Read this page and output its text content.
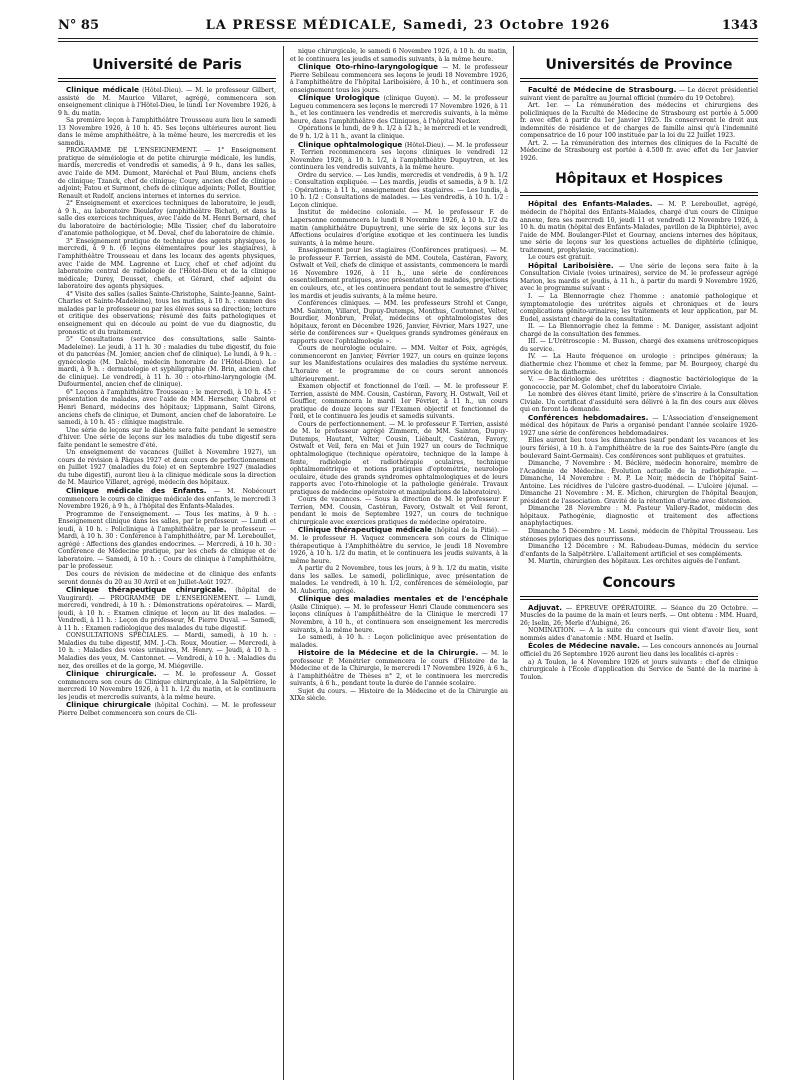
N° 85	LA PRESSE MÉDICALE, Samedi, 23 Octobre 1926	1343
Université de Paris

Clinique médicale (Hôtel-Dieu). — M. le professeur Gilbert, assisté de M. Maurice Villaret, agrégé, commencera son enseignement clinique à l'Hôtel-Dieu, le lundi 1er Novembre 1926, à 9 h. du matin.

Sa première leçon à l'amphithéâtre Trousseau aura lieu le samedi 13 Novembre 1926, à 10 h. 45. Ses leçons ultérieures auront lieu dans le même amphithéâtre, à la même heure, les mercredis et les samedis.

PROGRAMME DE L'ENSEIGNEMENT. — 1° Enseignement pratique de séméiologie et de petite chirurgie médicale, les lundis, mardis, mercredis et vendredis et samedis, à 9 h., dans les salles, avec l'aide de MM. Dumont, Maréchal et Paul Blum, anciens chefs de clinique; Tzanck, chef de clinique; Coury, ancien chef de clinique adjoint; Fatou et Surmont, chefs de clinique adjoints; Pollet, Bouttier, Renault et Rudolf, anciens internes et internes du service.

2° Enseignement et exercices techniques de laboratoire, le jeudi, à 9 h., au laboratoire Dieulafoy (amphithéâtre Bichat), et dans la salle des exercices techniques, avec l'aide de M. Henri Bernard, chef du laboratoire de bactériologie; Mlle Tissier, chef du laboratoire d'anatomie pathologique, et M. Deval, chef du laboratoire de chimie.

3° Enseignement pratique de technique des agents physiques, le mercredi, à 9 h. (6 leçons élémentaires pour les stagiaires), à l'amphithéâtre Trousseau et dans les locaux des agents physiques, avec l'aide de MM. Lagrenne et Lucy, chef et chef adjoint du laboratoire central de radiologie de l'Hôtel-Dieu et de la clinique médicale; Durey, Deusset, chefs, et Gérard, chef adjoint du laboratoire des agents physiques.

4° Visite des salles (salles Sainte-Christophe, Sainte-Jeanne, Saint-Charles et Sainte-Madeleine), tous les matins, à 10 h. : examen des malades par le professeur ou par les élèves sous sa direction; lecture et critique des observations; résumé des faits pathologiques et enseignement qui en découle au point de vue du diagnostic, du pronostic et du traitement.

5° Consultations (service des consultations, salle Sainte-Madeleine). Le jeudi, à 11 h. 30 : maladies du tube digestif, du foie et du pancréas (M. Jomier, ancien chef de clinique). Le lundi, à 9 h. : gynécologie (M. Dalché, médecin honoraire de l'Hôtel-Dieu). Le mardi, à 9 h. : dermatologie et syphiligraphie (M. Brin, ancien chef de clinique). Le vendredi, à 11 h. 30 : oto-rhino-laryngologie (M. Dufourmentel, ancien chef de clinique).

6° Leçons à l'amphithéâtre Trousseau : le mercredi, à 10 h. 45 : présentation de malades, avec l'aide de MM. Herscher, Chabrol et Henri Benard, médecins des hôpitaux; Lippmann, Saint Girons, anciens chefs de clinique, et Dumont, ancien chef de laboratoire. Le samedi, à 10 h. 45 : clinique magistrale.

Une série de leçons sur le diabète sera faite pendant le semestre d'hiver. Une série de leçons sur les maladies du tube digestif sera faite pendant le semestre d'été.

Un enseignement de vacances (Juillet à Novembre 1927), un cours de révision à Pâques 1927 et deux cours de perfectionnement en Juillet 1927 (maladies du foie) et en Septembre 1927 (maladies du tube digestif), auront lieu à la clinique médicale sous la direction de M. Maurice Villaret, agrégé, médecin des hôpitaux.

Clinique médicale des Enfants. — M. Nobécourt commencera le cours de clinique médicale des enfants, le mercredi 3 Novembre 1926, à 9 h., à l'hôpital des Enfants-Malades.

Programme de l'enseignement. — Tous les matins, à 9 h. : Enseignement clinique dans les salles, par le professeur. — Lundi et jeudi, à 10 h. : Policlinique à l'amphithéâtre, par le professeur. — Mardi, à 10 h. 30 : Conférence à l'amphithéâtre, par M. Lereboullet, agrégé : Affections des glandes endocrines. — Mercredi, à 10 h. 30 : Conférence de Médecine pratique, par les chefs de clinique et de laboratoire. — Samedi, à 10 h. : Cours de clinique à l'amphithéâtre, par le professeur.

Des cours de révision de médecine et de clinique des enfants seront donnés du 20 au 30 Avril et en Juillet-Août 1927.

Clinique thérapeutique chirurgicale. (hôpital de Vaugirard). — PROGRAMME DE L'ENSEIGNEMENT. — Lundi, mercredi, vendredi, à 10 h. : Démonstrations opératoires. — Mardi, jeudi, à 10 h. : Examen clinique et leçon au lit des malades. — Vendredi, à 11 h. : Leçon du professeur, M. Pierre Duval. — Samedi, à 11 h. : Examen radiologique des malades du tube digestif.

CONSULTATIONS SPÉCIALES. — Mardi, samedi, à 10 h. : Maladies du tube digestif, MM. J.-Ch. Roux, Moutier. — Mercredi, à 10 h. : Maladies des voies urinaires, M. Henry. — Jeudi, à 10 h. : Maladies des yeux, M. Cantonnet. — Vendredi, à 10 h. : Maladies du nez, des oreilles et de la gorge, M. Miégeville.

Clinique chirurgicale. — M. le professeur A. Gosset commencera son cours de Clinique chirurgicale, à la Salpêtrière, le mercredi 10 Novembre 1926, à 11 h. 1/2 du matin, et le continuera les jeudis et mercredis suivants, à la même heure.

Clinique chirurgicale (hôpital Cochin). — M. le professeur Pierre Delbet commencera son cours de Cli-

nique chirurgicale, le samedi 6 Novembre 1926, à 10 h. du matin, et le continuera les jeudis et samedis suivants, à la même heure.

Clinique Oto-rhino-laryngologique — M. le professeur Pierre Sebileau commencera ses leçons le jeudi 18 Novembre 1926, à l'amphithéâtre de l'hôpital Lariboisière, à 10 h., et continuera son enseignement tous les jours.

Clinique Urologique (clinique Guyon). — M. le professeur Legueu commencera ses leçons le mercredi 17 Novembre 1926, à 11 h., et les continuera les vendredis et mercredis suivants, à la même heure, dans l'amphithéâtre des Cliniques, à l'hôpital Necker.

Opérations le lundi, de 9 h. 1/2 à 12 h.; le mercredi et le vendredi, de 9 h. 1/2 à 11 h., avant la clinique.

Clinique ophtalmologique (Hôtel-Dieu). — M. le professeur F. Terrien recommencera ses leçons cliniques le vendredi 12 Novembre 1926, à 10 h. 1/2, à l'amphithéâtre Dupuytren, et les continuera les vendredis suivants, à la même heure.

Ordre du service. — Les lundis, mercredis et vendredis, à 9 h. 1/2 : Consultation expliquée. — Les mardis, jeudis et samedis, à 9 h. 1/2 : Opérations; à 11 h., enseignement des stagiaires. — Les lundis, à 10 h. 1/2 : Consultations de malades. — Les vendredis, à 10 h. 1/2 : Leçon clinique.

Institut de médecine coloniale. — M. le professeur F. de Lapersonne commencera le lundi 8 Novembre 1926, à 10 h. 1/2 du matin (amphithéâtre Dupuytren), une série de six leçons sur les Affections oculaires d'origine exotique et les continuera les lundis suivants, à la même heure.

Enseignement pour les stagiaires (Conférences pratiques). — M. le professeur F. Terrien, assisté de MM. Coutela, Castéran, Favory, Ostwalt et Veil, chefs de clinique et assistants, commencera le mardi 16 Novembre 1926, à 11 h., une série de conférences essentiellement pratiques, avec présentation de malades, projections en couleurs, etc., et les continuera pendant tout le semestre d'hiver, les mardis et jeudis suivants, à la même heure.

Conférences cliniques. — MM. les professeurs Strohl et Cange, MM. Sainton, Villaret, Dupuy-Dutemps, Monthus, Coutonnet, Velter, Bourdier, Monbrun, Prélat, médecins et ophtalmologistes des hôpitaux, feront en Décembre 1926, Janvier, Février, Mars 1927, une série de conférences sur « Quelques grands syndromes généraux en rapports avec l'ophtalmologie ».

Cours de neurologie oculaire. — MM. Velter et Foix, agrégés, commenceront en Janvier, Février 1927, un cours en quinze leçons sur les Manifestations oculaires des maladies du système nerveux. L'horaire et le programme de ce cours seront annoncés ultérieurement.

Examen objectif et fonctionnel de l'œil. — M. le professeur F. Terrien, assisté de MM. Cousin, Castéran, Favory, H. Ostwalt, Veil et Gouffier, commencera le mardi 1er Février, à 11 h., un cours pratique de douze leçons sur l'Examen objectif et fonctionnel de l'œil, et le continuera les jeudis et samedis suivants.

Cours de perfectionnement. — M. le professeur F. Terrien, assisté de M. le professeur agrégé Zimmern, de MM. Sainton, Dupuy-Dutemps, Hautant, Velter, Cousin, Liébault, Castéran, Favory, Ostwalt et Veil, fera en Mai et Juin 1927 un cours de Technique ophtalmologique (technique opératoire, technique de la lampe à fente, radiologie et radiothérapie oculaires, technique ophtalmométrique et notions pratiques d'optométrie, neurologie oculaire, étude des grands syndromes ophtalmologiques et de leurs rapports avec l'oto-rhinologie et la pathologie générale. Travaux pratiques de médecine opératoire et manipulations de laboratoire).

Cours de vacances. — Sous la direction de M. le professeur F. Terrien, MM. Cousin, Castéran, Favory, Ostwalt et Veil feront, pendant le mois de Septembre 1927, un cours de technique chirurgicale avec exercices pratiques de médecine opératoire.

Clinique thérapeutique médicale (hôpital de la Pitié). — M. le professeur H. Vaquez commencera son cours de Clinique thérapeutique à l'Amphithéâtre du service, le jeudi 18 Novembre 1926, à 10 h. 1/2 du matin, et le continuera les jeudis suivants, à la même heure.

A partir du 2 Novembre, tous les jours, à 9 h. 1/2 du matin, visite dans les salles. Le samedi, policlinique, avec présentation de malades. Le vendredi, à 10 h. 1/2, conférences de séméiologie, par M. Aubertin, agrégé.

Clinique des maladies mentales et de l'encéphale (Asile Clinique). — M. le professeur Henri Claude commencera ses leçons cliniques à l'amphithéâtre de la Clinique le mercredi 17 Novembre, à 10 h., et continuera son enseignement les mercredis suivants, à la même heure.

Le samedi, à 10 h. : Leçon policlinique avec présentation de malades.

Histoire de la Médecine et de la Chirurgie. — M. le professeur P. Menétrier commencera le cours d'Histoire de la Médecine et de la Chirurgie, le mercredi 17 Novembre 1926, à 6 h., à l'amphithéâtre de Thèses n° 2, et le continuera les mercredis suivants, à 6 h., pendant toute la durée de l'année scolaire.

Sujet du cours. — Histoire de la Médecine et de la Chirurgie au XIXe siècle.

Universités de Province

Faculté de Médecine de Strasbourg. — Le décret présidentiel suivant vient de paraître au Journal officiel (numéro du 19 Octobre).

Art. 1er. — La rémunération des médecins et chirurgiens des policliniques de la Faculté de Médecine de Strasbourg est portée à 5.000 fr. avec effet à partir du 1er Janvier 1925. Ils conserveront le droit aux indemnités de résidence et de charges de famille ainsi qu'à l'indemnité compensatrice de 16 pour 100 instituée par la loi du 22 Juillet 1923.

Art. 2. — La rémunération des internes des cliniques de la Faculté de Médecine de Strasbourg est portée à 4.500 fr. avec effet du 1er Janvier 1926.

Hôpitaux et Hospices

Hôpital des Enfants-Malades. — M. P. Lereboullet, agrégé, médecin de l'hôpital des Enfants-Malades, chargé d'un cours de Clinique annexe, fera ses mercredi 10, jeudi 11 et vendredi 12 Novembre 1926, à 10 h. du matin (hôpital des Enfants-Malades, pavillon de la Diphtérie), avec l'aide de MM. Boulanger-Pilet et Gournay, anciens internes des hôpitaux, une série de leçons sur les questions actuelles de diphtérie (clinique, traitement, prophylaxie, vaccination).

Le cours est gratuit.

Hôpital Lariboisière. — Une série de leçons sera faite à la Consultation Civiale (voies urinaires), service de M. le professeur agrégé Marion, les mardis et jeudis, à 11 h., à partir du mardi 9 Novembre 1926, avec le programme suivant :

I. — La Blennorragie chez l'homme : anatomie pathologique et symptomatologie des urétrites aiguës et chroniques et de leurs complications génito-urinaires; les traitements et leur application, par M. Eudel, assistant chargé de la consultation.

II. — La Blennorragie chez la femme : M. Daniger, assistant adjoint chargé de la consultation des femmes.

III. — L'Urétroscopie : M. Busson, chargé des examens urétroscopiques du service.

IV. — La Haute fréquence en urologie : principes généraux; la diathermie chez l'homme et chez la femme, par M. Bourgeoy, chargé du service de la diathermie.

V. — Bactériologie des urétrites : diagnostic bactériologique de la gonococcie, par M. Golombet, chef du laboratoire Civiale.

Le nombre des élèves étant limité, prière de s'inscrire à la Consultation Civiale. Un certificat d'assiduité sera délivré à la fin des cours aux élèves qui en feront la demande.

Conférences hebdomadaires. — L'Association d'enseignement médical des hôpitaux de Paris a organisé pendant l'année scolaire 1926-1927 une série de conférences hebdomadaires.

Elles auront lieu tous les dimanches (sauf pendant les vacances et les jours fériés), à 10 h. à l'amphithéâtre de la rue des Saints-Père (angle du boulevard Saint-Germain). Ces conférences sont publiques et gratuites.

Dimanche, 7 Novembre : M. Béclère, médecin honoraire, membre de l'Académie de Médecine. Évolution actuelle de la radiothérapie. — Dimanche, 14 Novembre : M. P. Le Noir, médecin de l'hôpital Saint-Antoine. Les récidives de l'ulcère gastro-duodénal. — L'ulcère jéjunal. — Dimanche 21 Novembre : M. E. Michon, chirurgien de l'hôpital Beaujon, président de l'association. Gravité de la rétention d'urine avec distension.

Dimanche 28 Novembre : M. Pasteur Vallery-Radot, médecin des hôpitaux. Pathogénie, diagnostic et traitement des affections anaphylactiques.

Dimanche 5 Décembre : M. Lesné, médecin de l'hôpital Trousseau. Les sténoses pyloriques des nourrissons.

Dimanche 12 Décembre : M. Rabudeau-Dumas, médecin du service d'enfants de la Salpêtrière. L'allaitement artificiel et ses compléments.

M. Martin, chirurgien des hôpitaux. Les orchites aiguës de l'enfant.

Concours

Adjuvat. — ÉPREUVE OPÉRATOIRE. — Séance du 20 Octobre. — Muscles de la paume de la main et leurs nerfs. — Ont obtenu : MM. Huard, 26; Iselin, 26; Merle d'Aubigné, 26.

NOMINATION. — A la suite du concours qui vient d'avoir lieu, sont nommés aides d'anatomie : MM. Huard et Iselin.

Écoles de Médecine navale. — Les concours annoncés au Journal officiel du 26 Septembre 1926 auront lieu dans les localités ci-après :

a) A Toulon, le 4 Novembre 1926 et jours suivants : chef de clinique chirurgicale à l'École d'application du Service de Santé de la marine à Toulon.
